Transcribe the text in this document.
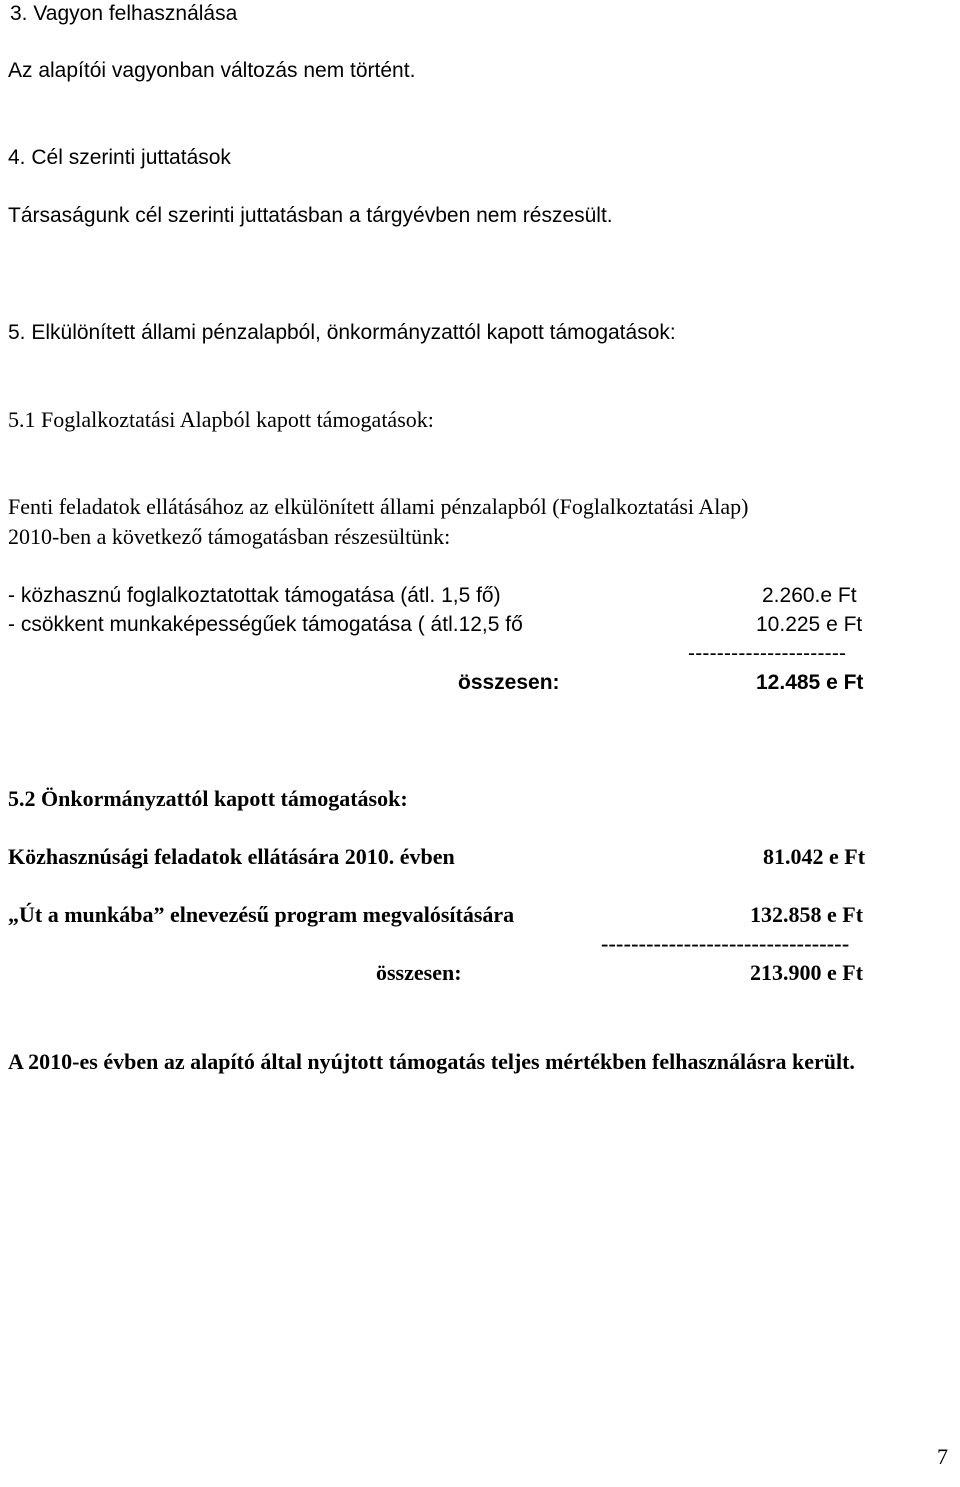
3. Vagyon felhasználása
Az alapítói vagyonban változás nem történt.
4. Cél szerinti juttatások
Társaságunk cél szerinti juttatásban a tárgyévben nem részesült.
5. Elkülönített állami pénzalapból, önkormányzattól kapott támogatások:
5.1 Foglalkoztatási Alapból kapott támogatások:
Fenti feladatok ellátásához az elkülönített állami pénzalapból (Foglalkoztatási Alap)
2010-ben a következő támogatásban részesültünk:
- közhasznú foglalkoztatottak támogatása (átl. 1,5 fő)	2.260.e Ft
- csökkent munkaképességűek támogatása ( átl.12,5 fő	10.225 e Ft
----------------------
összesen:	12.485 e Ft
5.2 Önkormányzattól kapott támogatások:
Közhasznúsági feladatok ellátására 2010. évben	81.042 e Ft
„Út a munkába” elnevezésű program megvalósítására	132.858 e Ft
---------------------------------
összesen:	213.900 e Ft
A 2010-es évben az alapító által nyújtott támogatás teljes mértékben felhasználásra került.
7
